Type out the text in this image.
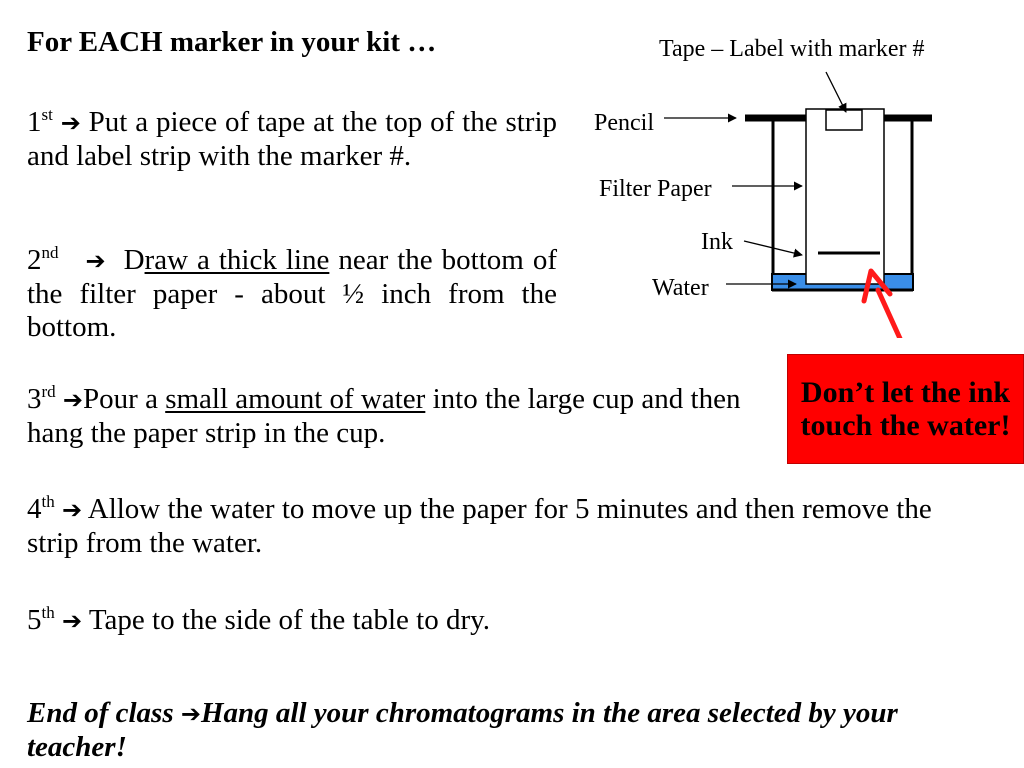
For EACH marker in your kit …
1st ➔ Put a piece of tape at the top of the strip and label strip with the marker #.
2nd ➔ Draw a thick line near the bottom of the filter paper - about ½ inch from the bottom.
3rd ➔Pour a small amount of water into the large cup and then hang the paper strip in the cup.
4th ➔ Allow the water to move up the paper for 5 minutes and then remove the strip from the water.
5th ➔ Tape to the side of the table to dry.
End of class ➔Hang all your chromatograms in the area selected by your teacher!
Tape – Label with marker #
Pencil
Filter Paper
Ink
Water
Don’t let the ink touch the water!
